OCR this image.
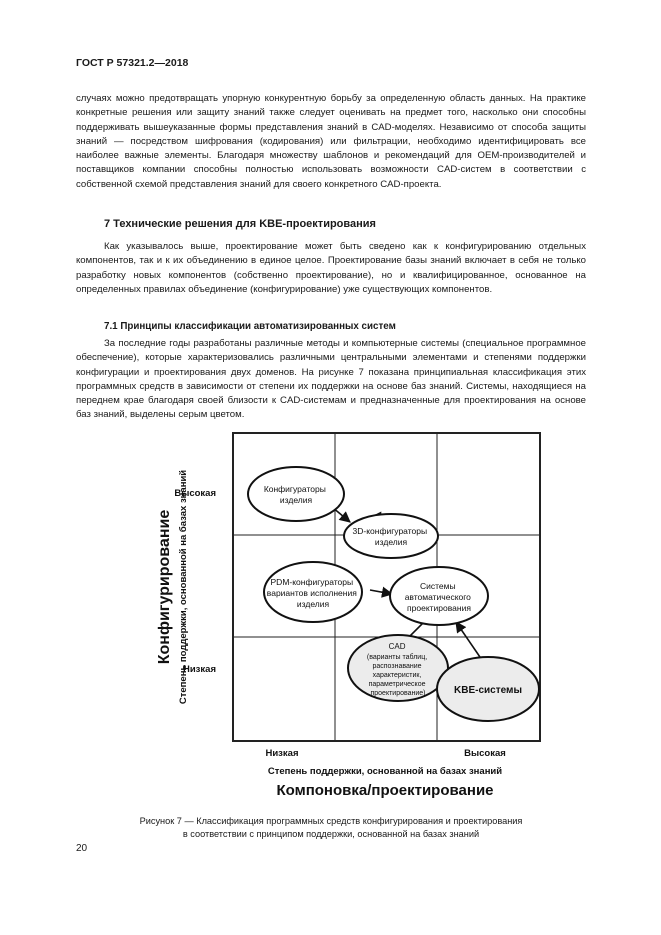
ГОСТ Р 57321.2—2018

случаях можно предотвращать упорную конкурентную борьбу за определенную область данных. На практике конкретные решения или защиту знаний также следует оценивать на предмет того, насколько они способны поддерживать вышеуказанные формы представления знаний в CAD-моделях. Независимо от способа защиты знаний — посредством шифрования (кодирования) или фильтрации, необходимо идентифицировать все наиболее важные элементы. Благодаря множеству шаблонов и рекомендаций для OEM-производителей и поставщиков компании способны полностью использовать возможности CAD-систем в соответствии с собственной схемой представления знаний для своего конкретного CAD-проекта.

7 Технические решения для KBE-проектирования

Как указывалось выше, проектирование может быть сведено как к конфигурированию отдельных компонентов, так и к их объединению в единое целое. Проектирование базы знаний включает в себя не только разработку новых компонентов (собственно проектирование), но и квалифицированное, основанное на определенных правилах объединение (конфигурирование) уже существующих компонентов.

7.1 Принципы классификации автоматизированных систем

За последние годы разработаны различные методы и компьютерные системы (специальное программное обеспечение), которые характеризовались различными центральными элементами и степенями поддержки конфигурации и проектирования двух доменов. На рисунке 7 показана принципиальная классификация этих программных средств в зависимости от степени их поддержки на основе баз знаний. Системы, находящиеся на переднем крае благодаря своей близости к CAD-системам и предназначенные для проектирования на основе баз знаний, выделены серым цветом.

Конфигураторы изделия
3D-конфигураторы изделия
PDM-конфигураторы вариантов исполнения изделия
Системы автоматического проектирования
CAD (варианты таблиц, распознавание характеристик, параметрическое проектирование)	KBE-системы
Высокая
Низкая
Конфигурирование Степень поддержки, основанной на базах знаний
Низкая	Высокая
Степень поддержки, основанной на базах знаний
Компоновка/проектирование
Рисунок 7 — Классификация программных средств конфигурирования и проектирования
в соответствии с принципом поддержки, основанной на базах знаний
20
